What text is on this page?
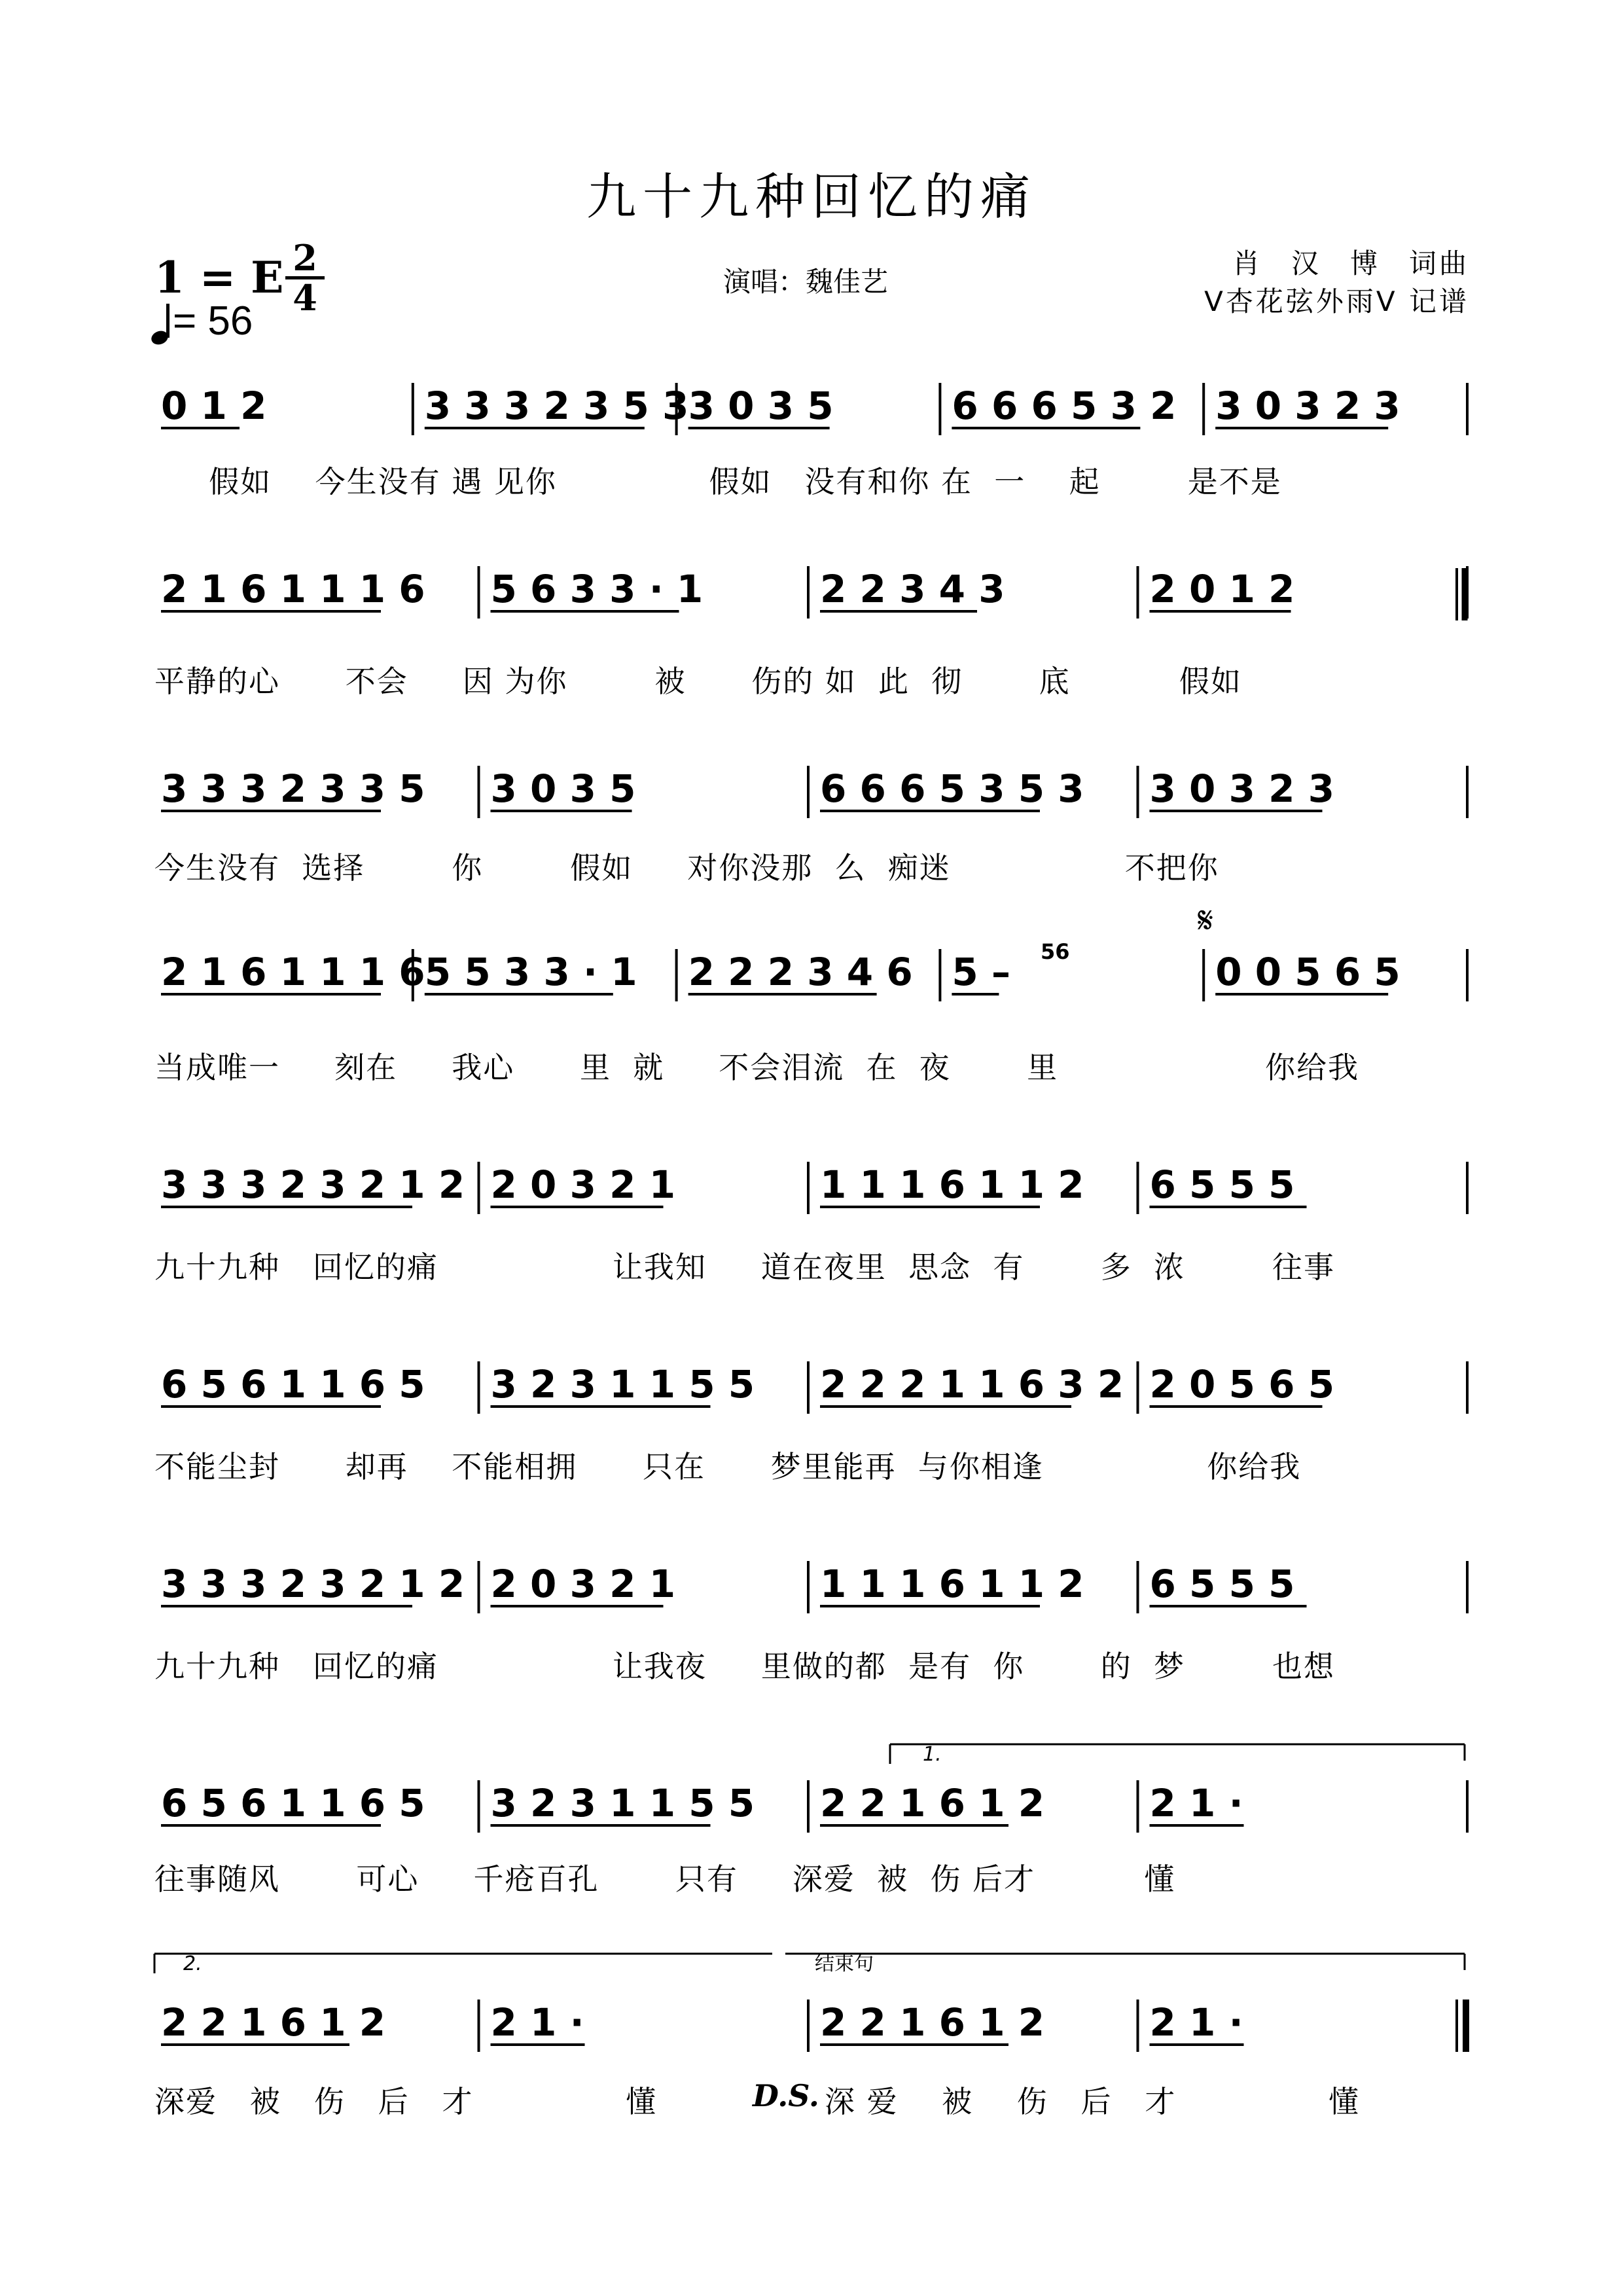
九十九种回忆的痛
1 = E 2
4
= 56
演唱：魏佳艺
肖汉博词曲
V杏花弦外雨V 记谱
0 1 2	3 3 3 2 3 5 3 3 0 3 5	6 6 6 5 3 2 3 0 3 2 3
2 1 6 1 1 1 6 5 6 3 3 · 1	2 2 3 4 3	2 0 1 2
3 3 3 2 3 3 5 3 0 3 5	6 6 6 5 3 5 3 3 0 3 2 3
2 1 6 1 1 1 6 5 5 3 3 · 1 2 2 2 3 4 6 5 –	0 0 5 6 5
3 3 3 2 3 2 1 2 2 0 3 2 1	1 1 1 6 1 1 2 6 5 5 5
6 5 6 1 1 6 5 3 2 3 1 1 5 5 2 2 2 1 1 6 3 2 2 0 5 6 5
3 3 3 2 3 2 1 2 2 0 3 2 1	1 1 1 6 1 1 2 6 5 5 5
6 5 6 1 1 6 5 3 2 3 1 1 5 5 2 2 1 6 1 2	2 1 ·
2 2 1 6 1 2	2 1 ·	2 2 1 6 1 2	2 1 ·
𝄋
56
1.
2.	结束句
假如    今生没有 遇 见你              假如   没有和你 在  一    起        是不是
平静的心      不会     因 为你        被      伤的 如  此  彻       底          假如
今生没有  选择        你        假如     对你没那  么  痴迷                不把你
当成唯一     刻在     我心      里  就     不会泪流  在  夜       里                   你给我
九十九种   回忆的痛                让我知     道在夜里  思念  有       多  浓        往事
不能尘封      却再    不能相拥      只在      梦里能再  与你相逢               你给我
九十九种   回忆的痛                让我夜     里做的都  是有  你       的  梦        也想
往事随风       可心     千疮百孔       只有     深爱  被  伤 后才          懂
深爱   被   伤   后   才              懂	D.S. 深 爱    被    伤   后   才              懂
